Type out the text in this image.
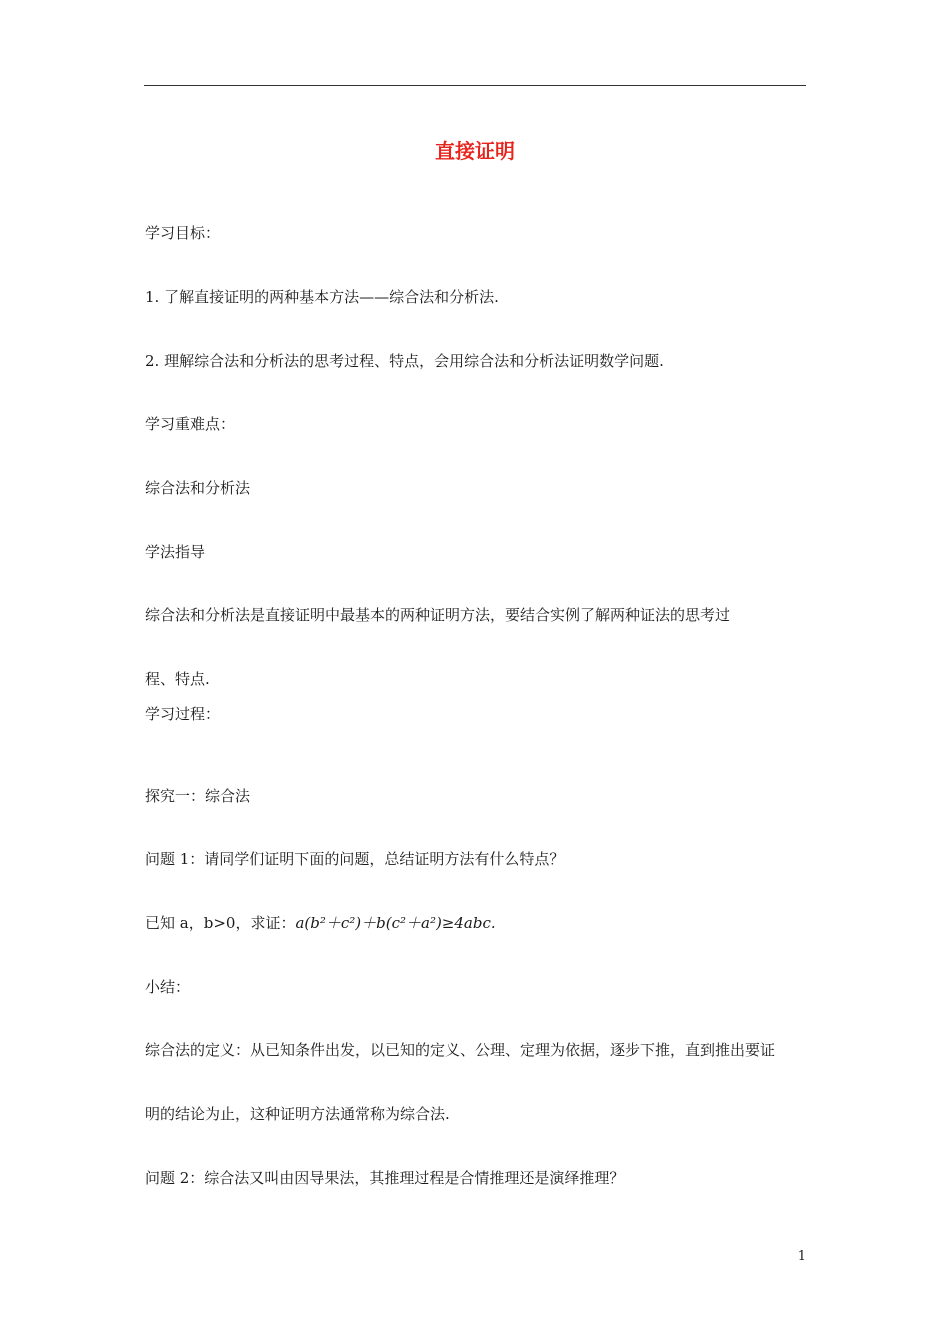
直接证明
学习目标：
1. 了解直接证明的两种基本方法——综合法和分析法.
2. 理解综合法和分析法的思考过程、特点，会用综合法和分析法证明数学问题.
学习重难点：
综合法和分析法
学法指导
综合法和分析法是直接证明中最基本的两种证明方法，要结合实例了解两种证法的思考过
程、特点.
学习过程：
探究一：综合法
问题 1：请同学们证明下面的问题，总结证明方法有什么特点？
已知 a，b>0，求证：a(b²＋c²)＋b(c²＋a²)≥4abc.
小结：
综合法的定义：从已知条件出发，以已知的定义、公理、定理为依据，逐步下推，直到推出要证
明的结论为止，这种证明方法通常称为综合法.
问题 2：综合法又叫由因导果法，其推理过程是合情推理还是演绎推理？
1
